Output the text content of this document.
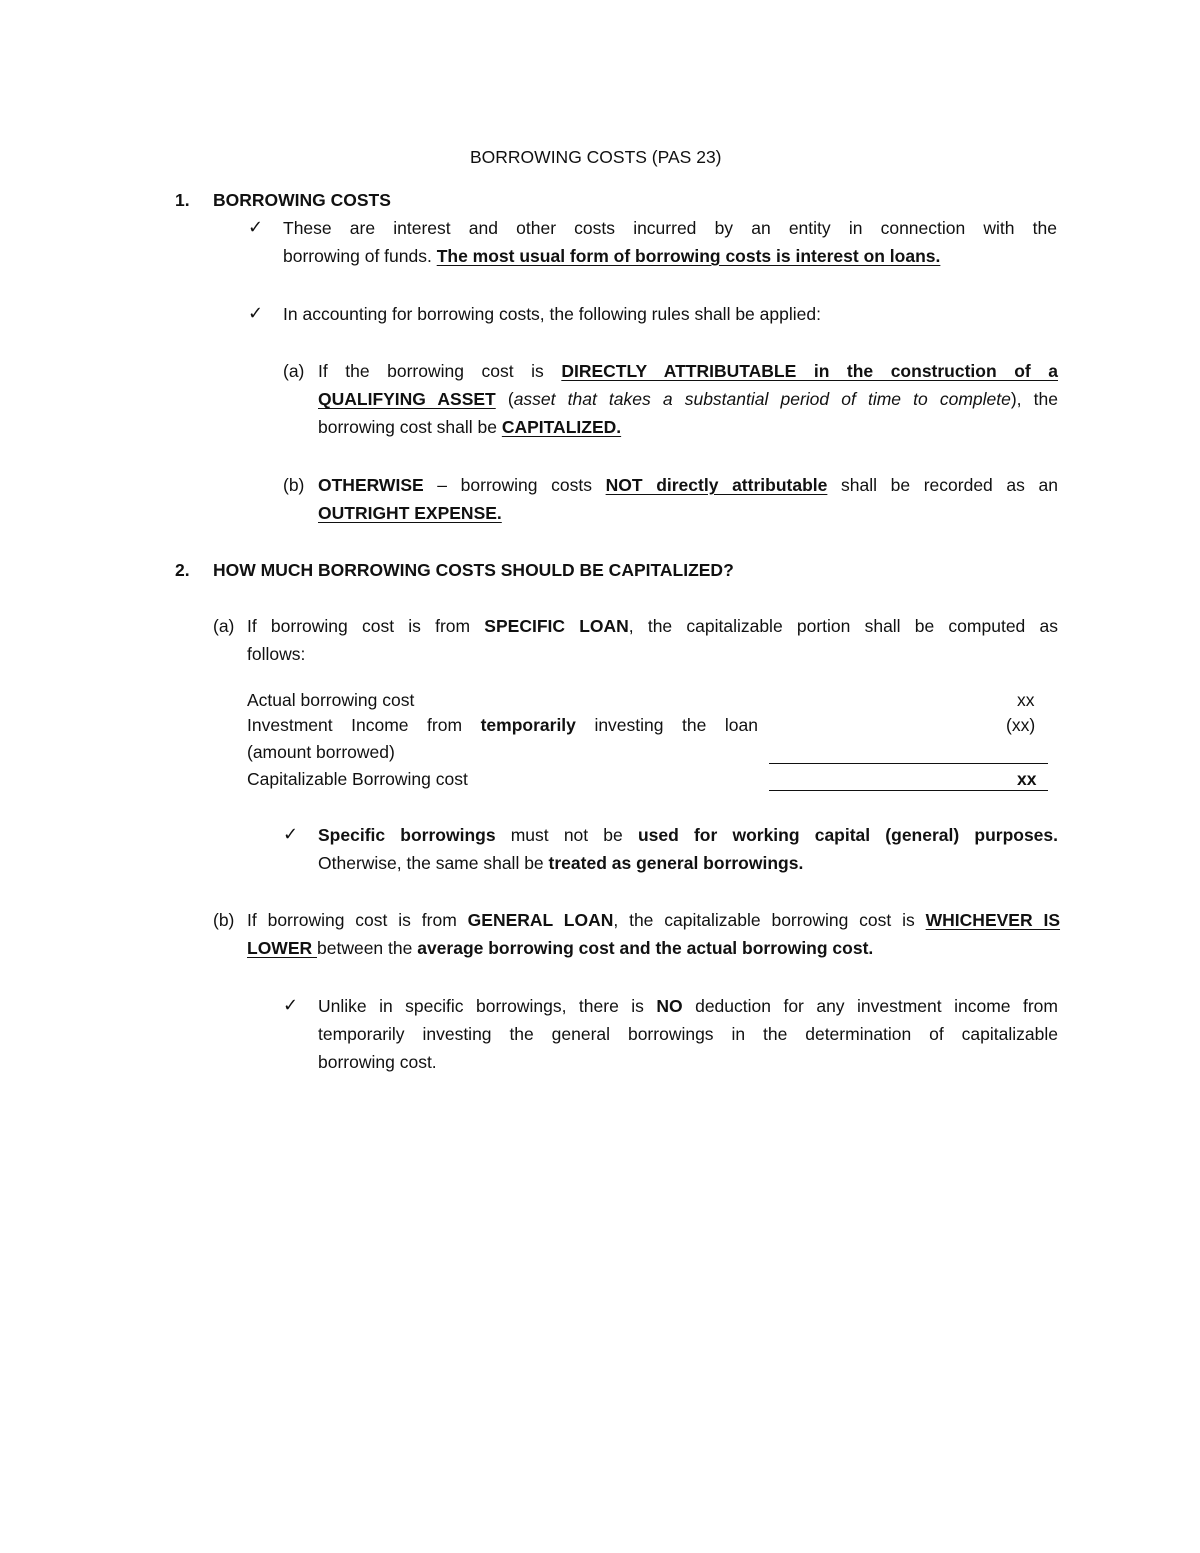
BORROWING COSTS (PAS 23)
1. BORROWING COSTS
✓ These are interest and other costs incurred by an entity in connection with the
borrowing of funds. The most usual form of borrowing costs is interest on loans.
✓ In accounting for borrowing costs, the following rules shall be applied:
(a) If the borrowing cost is DIRECTLY ATTRIBUTABLE in the construction of a
QUALIFYING ASSET (asset that takes a substantial period of time to complete), the
borrowing cost shall be CAPITALIZED.
(b) OTHERWISE – borrowing costs NOT directly attributable shall be recorded as an
OUTRIGHT EXPENSE.
2. HOW MUCH BORROWING COSTS SHOULD BE CAPITALIZED?
(a) If borrowing cost is from SPECIFIC LOAN, the capitalizable portion shall be computed as
follows:
Actual borrowing cost	xx
Investment Income from temporarily investing the loan	(xx)
(amount borrowed)
Capitalizable Borrowing cost	xx
✓ Specific borrowings must not be used for working capital (general) purposes.
Otherwise, the same shall be treated as general borrowings.
(b) If borrowing cost is from GENERAL LOAN, the capitalizable borrowing cost is WHICHEVER IS
LOWER between the average borrowing cost and the actual borrowing cost.
✓ Unlike in specific borrowings, there is NO deduction for any investment income from
temporarily investing the general borrowings in the determination of capitalizable
borrowing cost.
